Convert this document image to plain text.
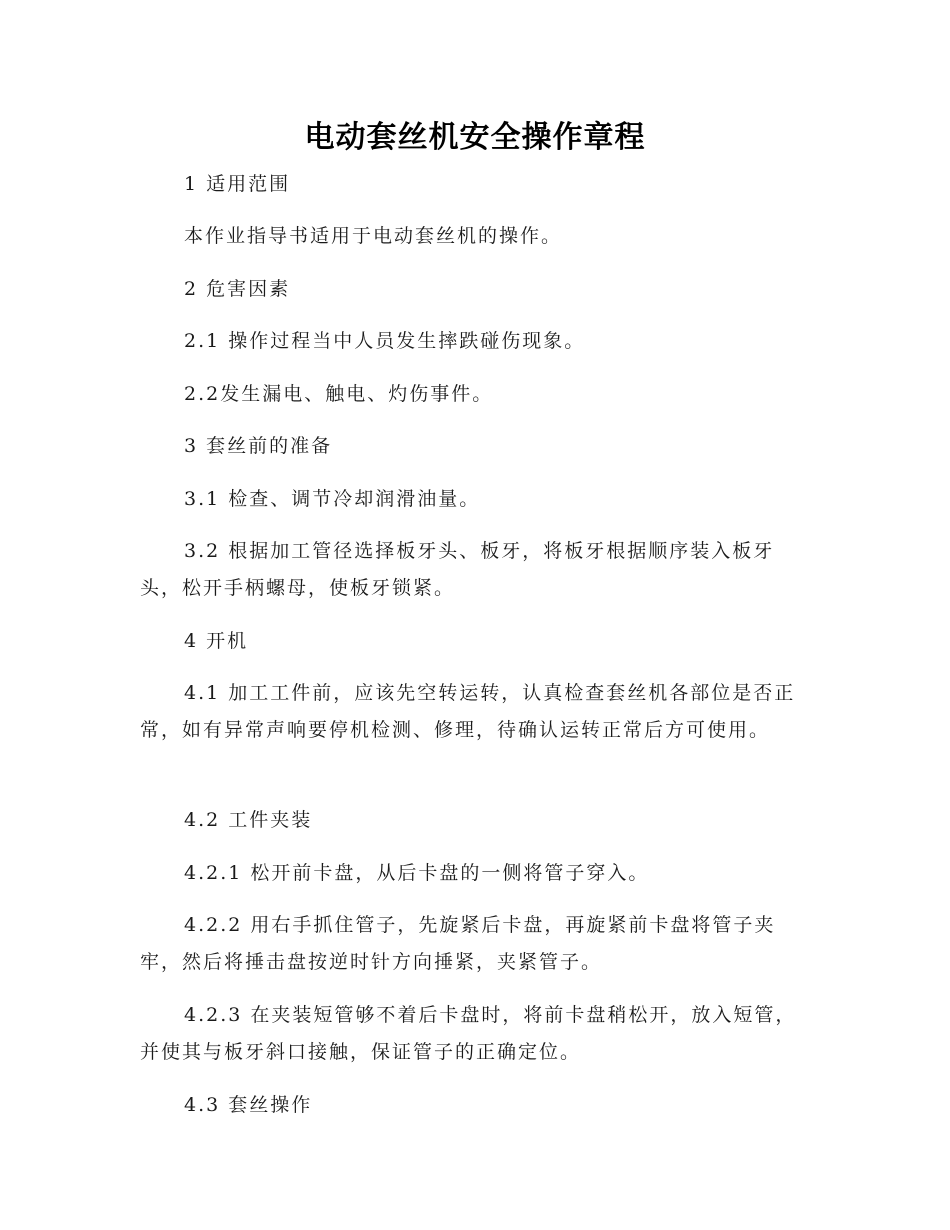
电动套丝机安全操作章程

1 适用范围

本作业指导书适用于电动套丝机的操作。

2 危害因素

2.1 操作过程当中人员发生摔跌碰伤现象。

2.2发生漏电、触电、灼伤事件。

3 套丝前的准备

3.1 检查、调节冷却润滑油量。

3.2 根据加工管径选择板牙头、板牙，将板牙根据顺序装入板牙头，松开手柄螺母，使板牙锁紧。

4 开机

4.1 加工工件前，应该先空转运转，认真检查套丝机各部位是否正常，如有异常声响要停机检测、修理，待确认运转正常后方可使用。

4.2 工件夹装

4.2.1 松开前卡盘，从后卡盘的一侧将管子穿入。

4.2.2 用右手抓住管子，先旋紧后卡盘，再旋紧前卡盘将管子夹牢，然后将捶击盘按逆时针方向捶紧，夹紧管子。

4.2.3 在夹装短管够不着后卡盘时，将前卡盘稍松开，放入短管，并使其与板牙斜口接触，保证管子的正确定位。

4.3 套丝操作
